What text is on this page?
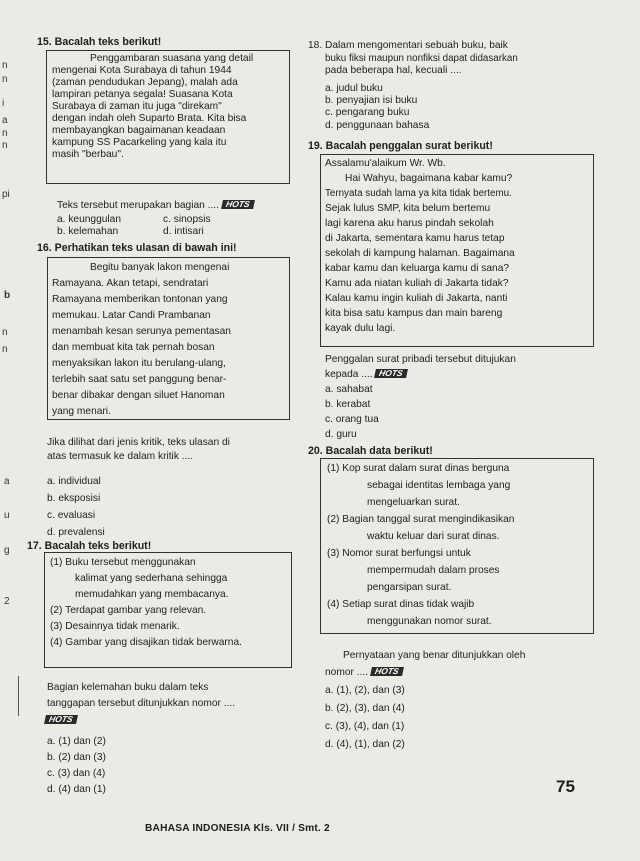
n
n
i
a
n
n
pi
b
n
n
a
u
g
2
15. Bacalah teks berikut!
Penggambaran suasana yang detail
mengenai Kota Surabaya di tahun 1944
(zaman pendudukan Jepang), malah ada
lampiran petanya segala! Suasana Kota
Surabaya di zaman itu juga "direkam"
dengan indah oleh Suparto Brata. Kita bisa
membayangkan bagaimanan keadaan
kampung SS Pacarkeling yang kala itu
masih "berbau".
Teks tersebut merupakan bagian .... HOTS
a. keunggulan	c. sinopsis
b. kelemahan	d. intisari
16. Perhatikan teks ulasan di bawah ini!
Begitu banyak lakon mengenai
Ramayana. Akan tetapi, sendratari
Ramayana memberikan tontonan yang
memukau. Latar Candi Prambanan
menambah kesan serunya pementasan
dan membuat kita tak pernah bosan
menyaksikan lakon itu berulang-ulang,
terlebih saat satu set panggung benar-
benar dibakar dengan siluet Hanoman
yang menari.
Jika dilihat dari jenis kritik, teks ulasan di
atas termasuk ke dalam kritik ....
a. individual
b. eksposisi
c. evaluasi
d. prevalensi
17. Bacalah teks berikut!
(1) Buku tersebut menggunakan
kalimat yang sederhana sehingga
memudahkan yang membacanya.
(2) Terdapat gambar yang relevan.
(3) Desainnya tidak menarik.
(4) Gambar yang disajikan tidak berwarna.
Bagian kelemahan buku dalam teks
tanggapan tersebut ditunjukkan nomor ....
HOTS
a. (1) dan (2)
b. (2) dan (3)
c. (3) dan (4)
d. (4) dan (1)
18. Dalam mengomentari sebuah buku, baik
buku fiksi maupun nonfiksi dapat didasarkan
pada beberapa hal, kecuali ....
a. judul buku
b. penyajian isi buku
c. pengarang buku
d. penggunaan bahasa
19. Bacalah penggalan surat berikut!
Assalamu'alaikum Wr. Wb.
Hai Wahyu, bagaimana kabar kamu?
Ternyata sudah lama ya kita tidak bertemu.
Sejak lulus SMP, kita belum bertemu
lagi karena aku harus pindah sekolah
di Jakarta, sementara kamu harus tetap
sekolah di kampung halaman. Bagaimana
kabar kamu dan keluarga kamu di sana?
Kamu ada niatan kuliah di Jakarta tidak?
Kalau kamu ingin kuliah di Jakarta, nanti
kita bisa satu kampus dan main bareng
kayak dulu lagi.
Penggalan surat pribadi tersebut ditujukan
kepada .... HOTS
a. sahabat
b. kerabat
c. orang tua
d. guru
20. Bacalah data berikut!
(1) Kop surat dalam surat dinas berguna
sebagai identitas lembaga yang
mengeluarkan surat.
(2) Bagian tanggal surat mengindikasikan
waktu keluar dari surat dinas.
(3) Nomor surat berfungsi untuk
mempermudah dalam proses
pengarsipan surat.
(4) Setiap surat dinas tidak wajib
menggunakan nomor surat.
Pernyataan yang benar ditunjukkan oleh
nomor .... HOTS
a. (1), (2), dan (3)
b. (2), (3), dan (4)
c. (3), (4), dan (1)
d. (4), (1), dan (2)
BAHASA INDONESIA Kls. VII / Smt. 2
75
